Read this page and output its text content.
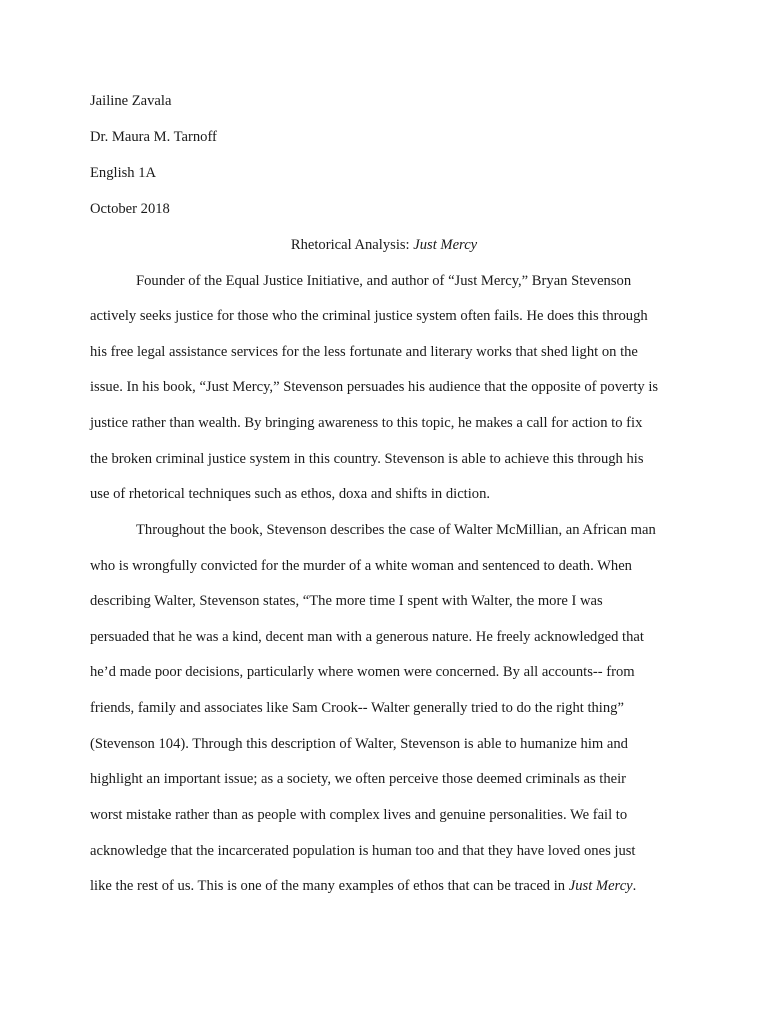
Jailine Zavala
Dr. Maura M. Tarnoff
English 1A
October 2018
Rhetorical Analysis: Just Mercy
Founder of the Equal Justice Initiative, and author of “Just Mercy,” Bryan Stevenson
actively seeks justice for those who the criminal justice system often fails. He does this through
his free legal assistance services for the less fortunate and literary works that shed light on the
issue. In his book, “Just Mercy,” Stevenson persuades his audience that the opposite of poverty is
justice rather than wealth. By bringing awareness to this topic, he makes a call for action to fix
the broken criminal justice system in this country. Stevenson is able to achieve this through his
use of rhetorical techniques such as ethos, doxa and shifts in diction.
Throughout the book, Stevenson describes the case of Walter McMillian, an African man
who is wrongfully convicted for the murder of a white woman and sentenced to death. When
describing Walter, Stevenson states, “The more time I spent with Walter, the more I was
persuaded that he was a kind, decent man with a generous nature. He freely acknowledged that
he’d made poor decisions, particularly where women were concerned. By all accounts-- from
friends, family and associates like Sam Crook-- Walter generally tried to do the right thing”
(Stevenson 104). Through this description of Walter, Stevenson is able to humanize him and
highlight an important issue; as a society, we often perceive those deemed criminals as their
worst mistake rather than as people with complex lives and genuine personalities. We fail to
acknowledge that the incarcerated population is human too and that they have loved ones just
like the rest of us. This is one of the many examples of ethos that can be traced in Just Mercy.
